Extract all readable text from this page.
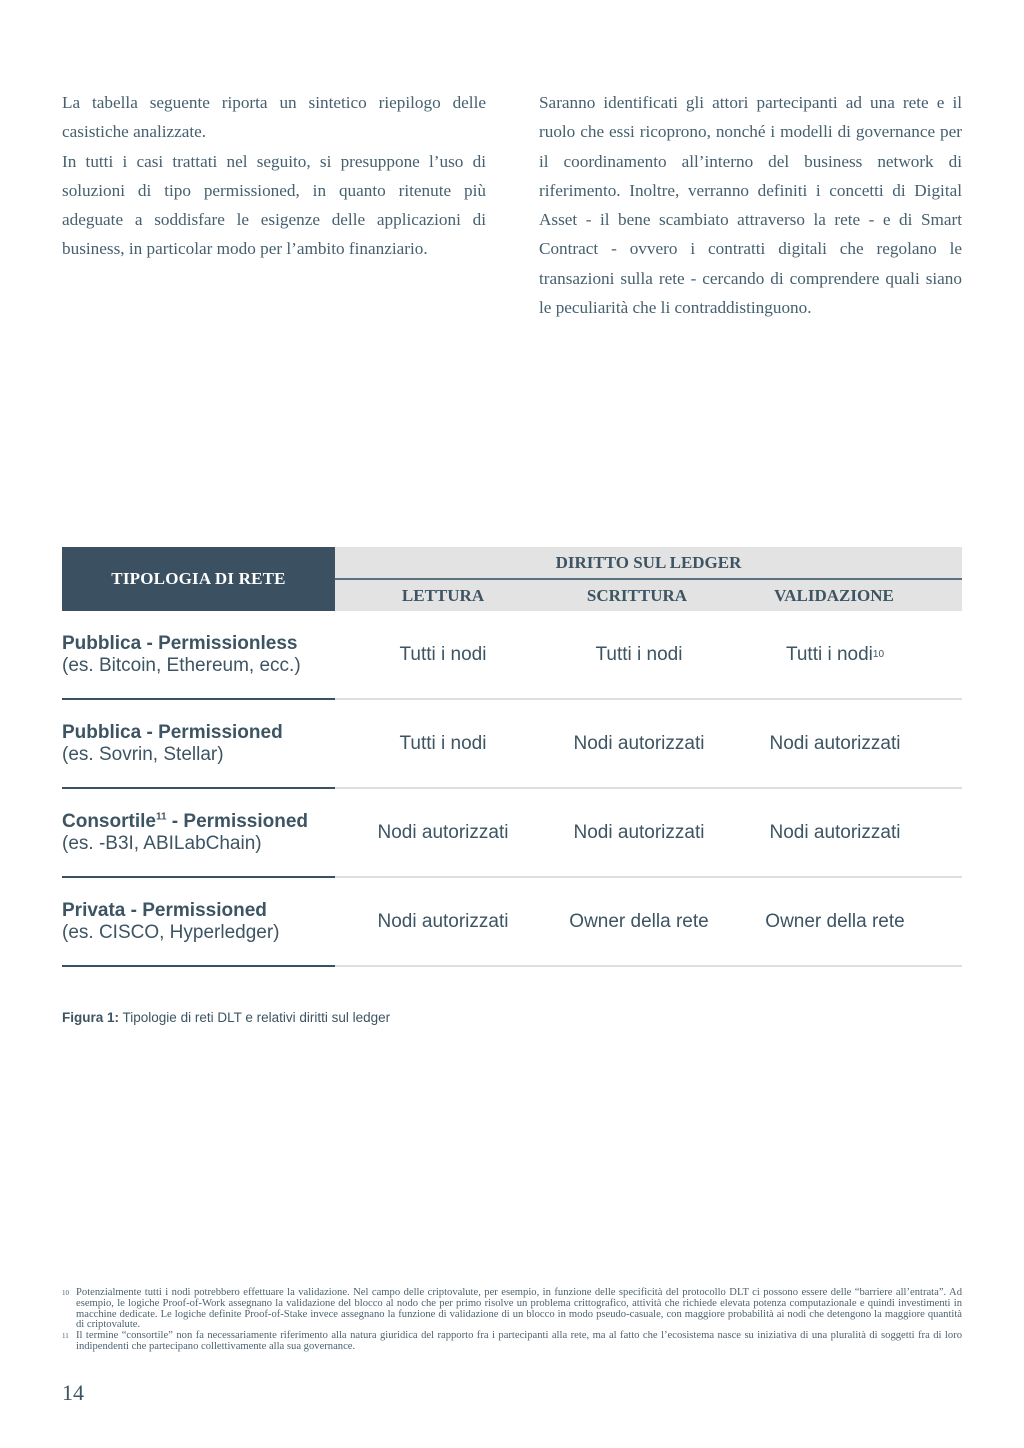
La tabella seguente riporta un sintetico riepilogo delle casistiche analizzate.

In tutti i casi trattati nel seguito, si presuppone l’uso di soluzioni di tipo permissioned, in quanto ritenute più adeguate a soddisfare le esigenze delle applicazioni di business, in particolar modo per l’ambito finanziario.

Saranno identificati gli attori partecipanti ad una rete e il ruolo che essi ricoprono, nonché i modelli di governance per il coordinamento all’interno del business network di riferimento. Inoltre, verranno definiti i concetti di Digital Asset - il bene scambiato attraverso la rete - e di Smart Contract - ovvero i contratti digitali che regolano le transazioni sulla rete - cercando di comprendere quali siano le peculiarità che li contraddistinguono.

TIPOLOGIA DI RETE
DIRITTO SUL LEDGER
LETTURA	SCRITTURA	VALIDAZIONE
Pubblica - Permissionless
(es. Bitcoin, Ethereum, ecc.)
Tutti i nodi	Tutti i nodi	Tutti i nodi 10
Pubblica - Permissioned
(es. Sovrin, Stellar)
Tutti i nodi	Nodi autorizzati	Nodi autorizzati
Consortile$^{11}$ - Permissioned
(es. -B3I, ABILabChain)
Nodi autorizzati	Nodi autorizzati	Nodi autorizzati
Privata - Permissioned
(es. CISCO, Hyperledger)
Nodi autorizzati	Owner della rete	Owner della rete
Figura 1: Tipologie di reti DLT e relativi diritti sul ledger
10 Potenzialmente tutti i nodi potrebbero effettuare la validazione. Nel campo delle criptovalute, per esempio, in funzione delle specificità del protocollo DLT ci possono essere delle “barriere all’entrata”. Ad esempio, le logiche Proof-of-Work assegnano la validazione del blocco al nodo che per primo risolve un problema crittografico, attività che richiede elevata potenza computazionale e quindi investimenti in macchine dedicate. Le logiche definite Proof-of-Stake invece assegnano la funzione di validazione di un blocco in modo pseudo-casuale, con maggiore probabilità ai nodi che detengono la maggiore quantità di criptovalute.
11 Il termine “consortile” non fa necessariamente riferimento alla natura giuridica del rapporto fra i partecipanti alla rete, ma al fatto che l’ecosistema nasce su iniziativa di una pluralità di soggetti fra di loro indipendenti che partecipano collettivamente alla sua governance.
14
